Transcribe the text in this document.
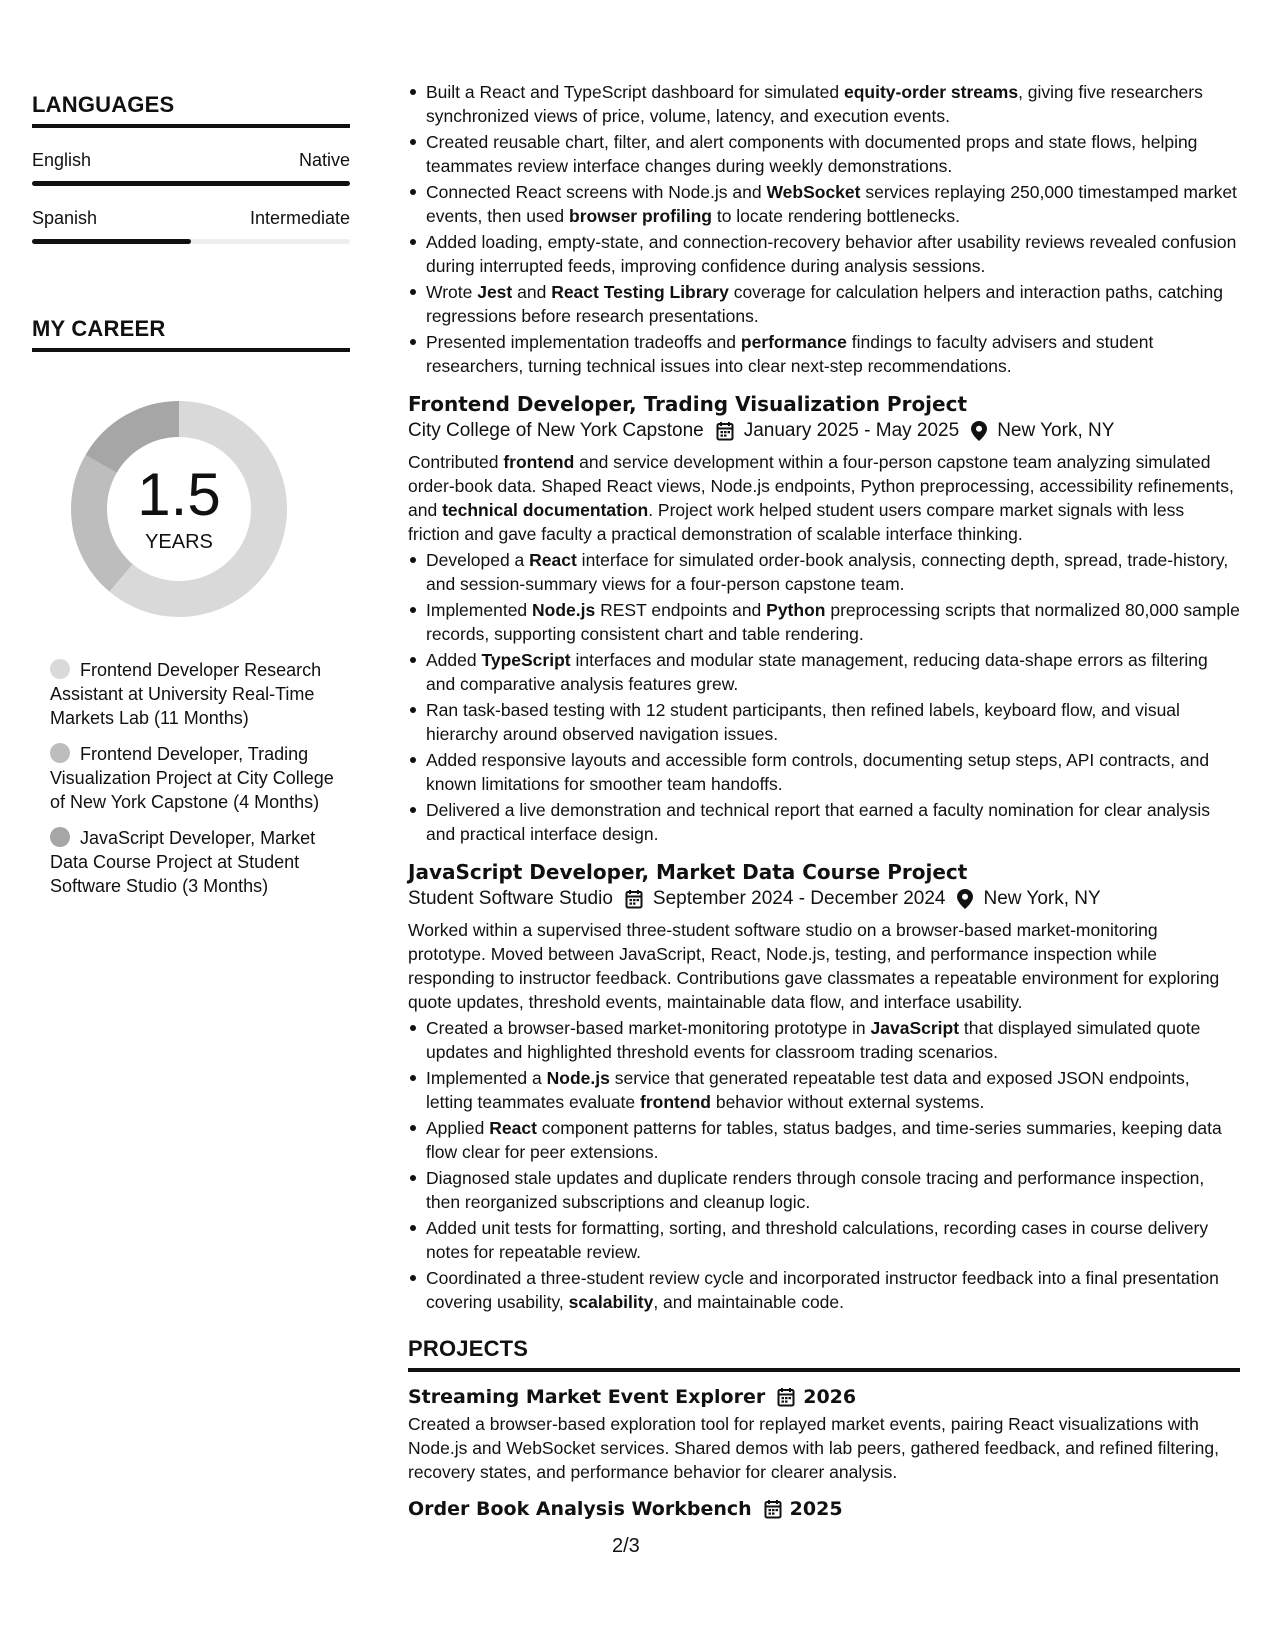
LANGUAGES
English	Native
Spanish	Intermediate
MY CAREER
1.5
YEARS
Frontend Developer Research Assistant at University Real-Time Markets Lab (11 Months)
Frontend Developer, Trading Visualization Project at City College of New York Capstone (4 Months)
JavaScript Developer, Market Data Course Project at Student Software Studio (3 Months)
Built a React and TypeScript dashboard for simulated equity-order streams, giving five researchers synchronized views of price, volume, latency, and execution events.
Created reusable chart, filter, and alert components with documented props and state flows, helping teammates review interface changes during weekly demonstrations.
Connected React screens with Node.js and WebSocket services replaying 250,000 timestamped market events, then used browser profiling to locate rendering bottlenecks.
Added loading, empty-state, and connection-recovery behavior after usability reviews revealed confusion during interrupted feeds, improving confidence during analysis sessions.
Wrote Jest and React Testing Library coverage for calculation helpers and interaction paths, catching regressions before research presentations.
Presented implementation tradeoffs and performance findings to faculty advisers and student researchers, turning technical issues into clear next-step recommendations.
Frontend Developer, Trading Visualization Project
City College of New York Capstone January 2025 - May 2025 New York, NY

Contributed frontend and service development within a four-person capstone team analyzing simulated order-book data. Shaped React views, Node.js endpoints, Python preprocessing, accessibility refinements, and technical documentation. Project work helped student users compare market signals with less friction and gave faculty a practical demonstration of scalable interface thinking.

Developed a React interface for simulated order-book analysis, connecting depth, spread, trade-history, and session-summary views for a four-person capstone team.
Implemented Node.js REST endpoints and Python preprocessing scripts that normalized 80,000 sample records, supporting consistent chart and table rendering.
Added TypeScript interfaces and modular state management, reducing data-shape errors as filtering and comparative analysis features grew.
Ran task-based testing with 12 student participants, then refined labels, keyboard flow, and visual hierarchy around observed navigation issues.
Added responsive layouts and accessible form controls, documenting setup steps, API contracts, and known limitations for smoother team handoffs.
Delivered a live demonstration and technical report that earned a faculty nomination for clear analysis and practical interface design.
JavaScript Developer, Market Data Course Project
Student Software Studio September 2024 - December 2024 New York, NY

Worked within a supervised three-student software studio on a browser-based market-monitoring prototype. Moved between JavaScript, React, Node.js, testing, and performance inspection while responding to instructor feedback. Contributions gave classmates a repeatable environment for exploring quote updates, threshold events, maintainable data flow, and interface usability.

Created a browser-based market-monitoring prototype in JavaScript that displayed simulated quote updates and highlighted threshold events for classroom trading scenarios.
Implemented a Node.js service that generated repeatable test data and exposed JSON endpoints, letting teammates evaluate frontend behavior without external systems.
Applied React component patterns for tables, status badges, and time-series summaries, keeping data flow clear for peer extensions.
Diagnosed stale updates and duplicate renders through console tracing and performance inspection, then reorganized subscriptions and cleanup logic.
Added unit tests for formatting, sorting, and threshold calculations, recording cases in course delivery notes for repeatable review.
Coordinated a three-student review cycle and incorporated instructor feedback into a final presentation covering usability, scalability, and maintainable code.
PROJECTS
Streaming Market Event Explorer 2026

Created a browser-based exploration tool for replayed market events, pairing React visualizations with Node.js and WebSocket services. Shared demos with lab peers, gathered feedback, and refined filtering, recovery states, and performance behavior for clearer analysis.

Order Book Analysis Workbench 2025
2/3
